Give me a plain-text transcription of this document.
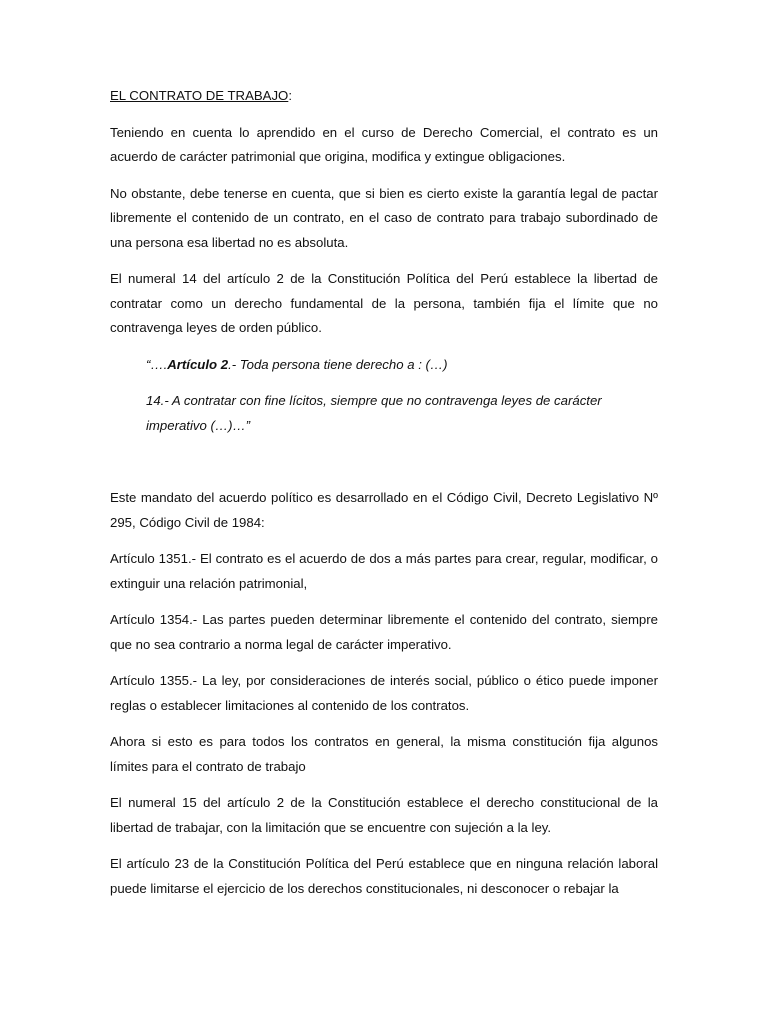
EL CONTRATO DE TRABAJO:

Teniendo en cuenta lo aprendido en el curso de Derecho Comercial, el contrato es un acuerdo de carácter patrimonial que origina, modifica y extingue obligaciones.

No obstante, debe tenerse en cuenta, que si bien es cierto existe la garantía legal de pactar libremente el contenido de un contrato, en el caso de contrato para trabajo subordinado de una persona esa libertad no es absoluta.

El numeral 14 del artículo 2 de la Constitución Política del Perú establece la libertad de contratar como un derecho fundamental de la persona, también fija el límite que no contravenga leyes de orden público.

“….Artículo 2.- Toda persona tiene derecho a : (…)

14.- A contratar con fine lícitos, siempre que no contravenga leyes de carácter imperativo (…)…”

Este mandato del acuerdo político es desarrollado en el Código Civil, Decreto Legislativo Nº 295, Código Civil de 1984:

Artículo 1351.- El contrato es el acuerdo de dos a más partes para crear, regular, modificar, o extinguir una relación patrimonial,

Artículo 1354.- Las partes pueden determinar libremente el contenido del contrato, siempre que no sea contrario a norma legal de carácter imperativo.

Artículo 1355.- La ley, por consideraciones de interés social, público o ético puede imponer reglas o establecer limitaciones al contenido de los contratos.

Ahora si esto es para todos los contratos en general, la misma constitución fija algunos límites para el contrato de trabajo

El numeral 15 del artículo 2 de la Constitución establece el derecho constitucional de la libertad de trabajar, con la limitación que se encuentre con sujeción a la ley.

El artículo 23 de la Constitución Política del Perú establece que en ninguna relación laboral puede limitarse el ejercicio de los derechos constitucionales, ni desconocer o rebajar la
